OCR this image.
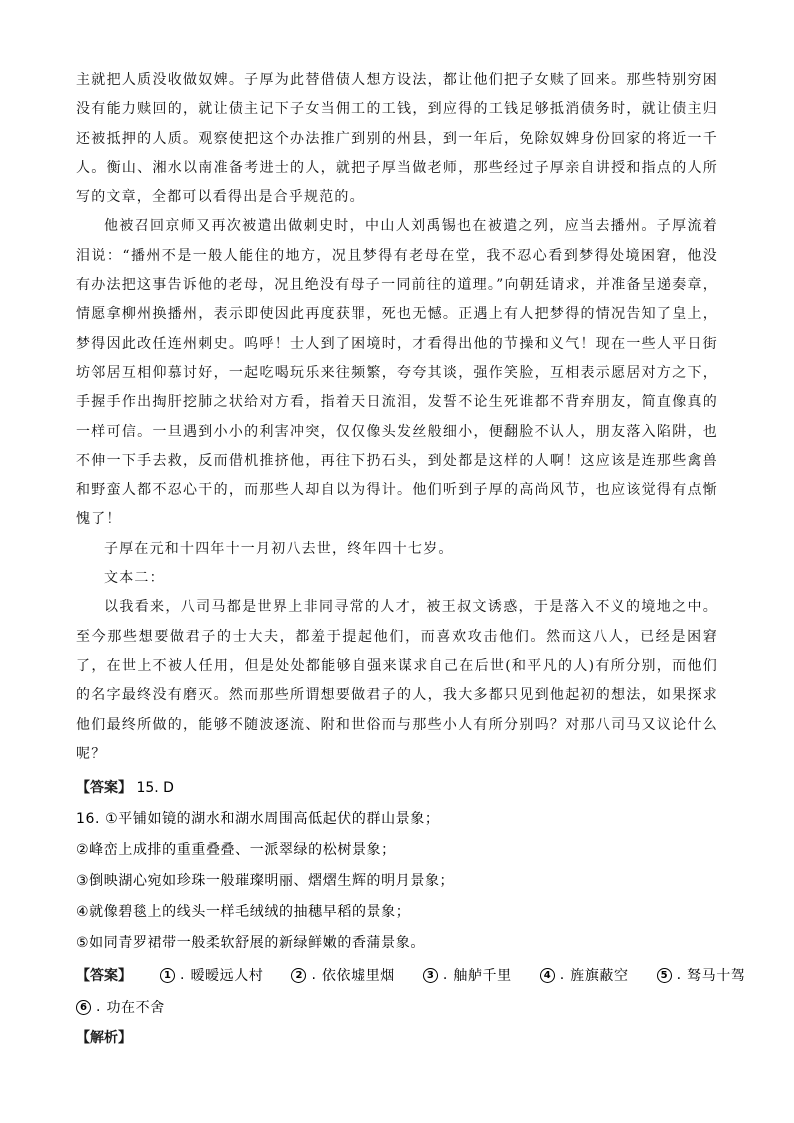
主就把人质没收做奴婢。子厚为此替借债人想方设法，都让他们把子女赎了回来。那些特别穷困没有能力赎回的，就让债主记下子女当佣工的工钱，到应得的工钱足够抵消债务时，就让债主归还被抵押的人质。观察使把这个办法推广到别的州县，到一年后，免除奴婢身份回家的将近一千人。衡山、湘水以南准备考进士的人，就把子厚当做老师，那些经过子厚亲自讲授和指点的人所写的文章，全都可以看得出是合乎规范的。

他被召回京师又再次被遣出做刺史时，中山人刘禹锡也在被遣之列，应当去播州。子厚流着泪说：“播州不是一般人能住的地方，况且梦得有老母在堂，我不忍心看到梦得处境困窘，他没有办法把这事告诉他的老母，况且绝没有母子一同前往的道理。”向朝廷请求，并准备呈递奏章，情愿拿柳州换播州，表示即使因此再度获罪，死也无憾。正遇上有人把梦得的情况告知了皇上，梦得因此改任连州刺史。呜呼！士人到了困境时，才看得出他的节操和义气！现在一些人平日街坊邻居互相仰慕讨好，一起吃喝玩乐来往频繁，夸夸其谈，强作笑脸，互相表示愿居对方之下，手握手作出掏肝挖肺之状给对方看，指着天日流泪，发誓不论生死谁都不背弃朋友，简直像真的一样可信。一旦遇到小小的利害冲突，仅仅像头发丝般细小，便翻脸不认人，朋友落入陷阱，也不伸一下手去救，反而借机推挤他，再往下扔石头，到处都是这样的人啊！这应该是连那些禽兽和野蛮人都不忍心干的，而那些人却自以为得计。他们听到子厚的高尚风节，也应该觉得有点惭愧了！

子厚在元和十四年十一月初八去世，终年四十七岁。

文本二：

以我看来，八司马都是世界上非同寻常的人才，被王叔文诱惑，于是落入不义的境地之中。至今那些想要做君子的士大夫，都羞于提起他们，而喜欢攻击他们。然而这八人，已经是困窘了，在世上不被人任用，但是处处都能够自强来谋求自己在后世(和平凡的人)有所分别，而他们的名字最终没有磨灭。然而那些所谓想要做君子的人，我大多都只见到他起初的想法，如果探求他们最终所做的，能够不随波逐流、附和世俗而与那些小人有所分别吗？对那八司马又议论什么呢？

【答案】 15. D
16. ①平铺如镜的湖水和湖水周围高低起伏的群山景象；
②峰峦上成排的重重叠叠、一派翠绿的松树景象；
③倒映湖心宛如珍珠一般璀璨明丽、熠熠生辉的明月景象；
④就像碧毯上的线头一样毛绒绒的抽穗早稻的景象；
⑤如同青罗裙带一般柔软舒展的新绿鲜嫩的香蒲景象。
【答案】	1 . 暧暧远人村	2 . 依依墟里烟	3 . 舳舻千里	4 . 旌旗蔽空	5 . 驽马十驾
6 . 功在不舍
【解析】
